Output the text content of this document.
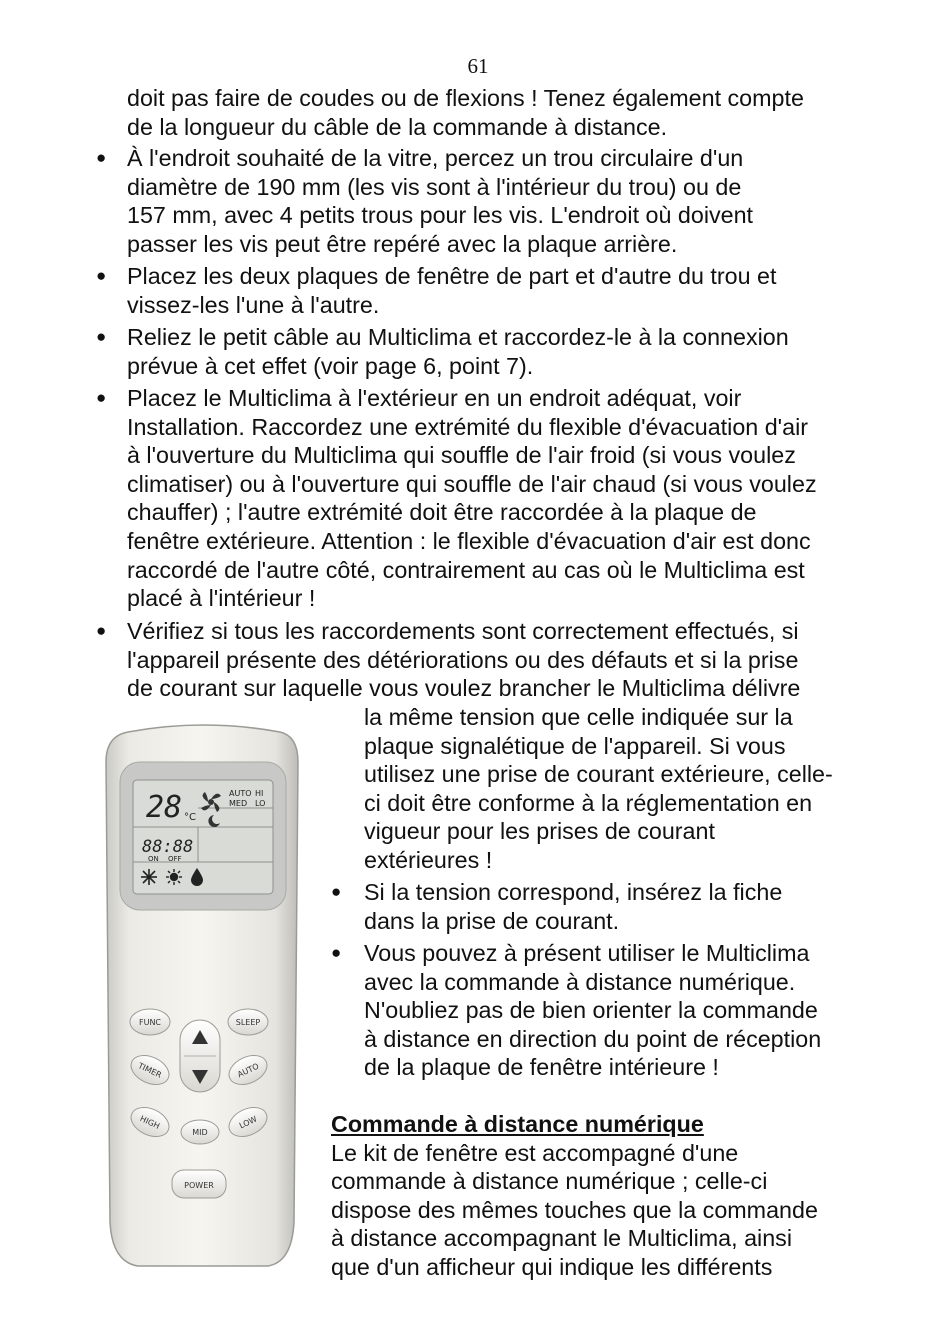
61
doit pas faire de coudes ou de flexions ! Tenez également compte
de la longueur du câble de la commande à distance.
● À l'endroit souhaité de la vitre, percez un trou circulaire d'un
diamètre de 190 mm (les vis sont à l'intérieur du trou) ou de
157 mm, avec 4 petits trous pour les vis. L'endroit où doivent
passer les vis peut être repéré avec la plaque arrière.
● Placez les deux plaques de fenêtre de part et d'autre du trou et
vissez-les l'une à l'autre.
● Reliez le petit câble au Multiclima et raccordez-le à la connexion
prévue à cet effet (voir page 6, point 7).
● Placez le Multiclima à l'extérieur en un endroit adéquat, voir
Installation. Raccordez une extrémité du flexible d'évacuation d'air
à l'ouverture du Multiclima qui souffle de l'air froid (si vous voulez
climatiser) ou à l'ouverture qui souffle de l'air chaud (si vous voulez
chauffer) ; l'autre extrémité doit être raccordée à la plaque de
fenêtre extérieure. Attention : le flexible d'évacuation d'air est donc
raccordé de l'autre côté, contrairement au cas où le Multiclima est
placé à l'intérieur !
● Vérifiez si tous les raccordements sont correctement effectués, si
l'appareil présente des détériorations ou des défauts et si la prise
de courant sur laquelle vous voulez brancher le Multiclima délivre
la même tension que celle indiquée sur la
plaque signalétique de l'appareil. Si vous
utilisez une prise de courant extérieure, celle-
ci doit être conforme à la réglementation en
vigueur pour les prises de courant
extérieures !
● Si la tension correspond, insérez la fiche
dans la prise de courant.
● Vous pouvez à présent utiliser le Multiclima
avec la commande à distance numérique.
N'oubliez pas de bien orienter la commande
à distance en direction du point de réception
de la plaque de fenêtre intérieure !
Commande à distance numérique
Le kit de fenêtre est accompagné d'une
commande à distance numérique ; celle-ci
dispose des mêmes touches que la commande
à distance accompagnant le Multiclima, ainsi
que d'un afficheur qui indique les différents
28 °C
AUTO HI
MED LO
88:88
ON OFF
FUNC	SLEEP
TIMER	AUTO
HIGH
MID
LOW
POWER
